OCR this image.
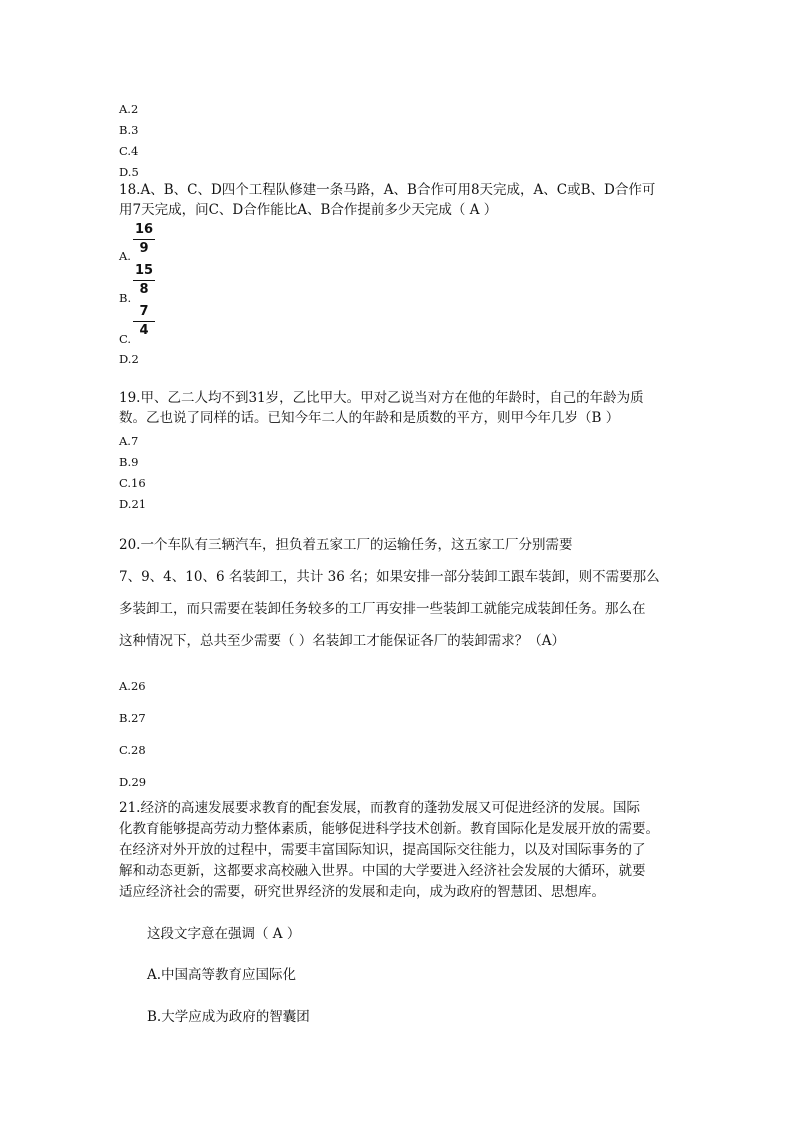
A.2
B.3
C.4
D.5
18.A、B、C、D四个工程队修建一条马路，A、B合作可用8天完成，A、C或B、D合作可
用7天完成，问C、D合作能比A、B合作提前多少天完成（ A ）
A.
16
9
B.
15
8
C.
7
4
D.2
19.甲、乙二人均不到31岁，乙比甲大。甲对乙说当对方在他的年龄时，自己的年龄为质
数。乙也说了同样的话。已知今年二人的年龄和是质数的平方，则甲今年几岁（B ）
A.7
B.9
C.16
D.21
20.一个车队有三辆汽车，担负着五家工厂的运输任务，这五家工厂分别需要
7、9、4、10、6 名装卸工，共计 36 名；如果安排一部分装卸工跟车装卸，则不需要那么
多装卸工，而只需要在装卸任务较多的工厂再安排一些装卸工就能完成装卸任务。那么在
这种情况下，总共至少需要（ ）名装卸工才能保证各厂的装卸需求？（A）
A.26
B.27
C.28
D.29
21.经济的高速发展要求教育的配套发展，而教育的蓬勃发展又可促进经济的发展。国际
化教育能够提高劳动力整体素质，能够促进科学技术创新。教育国际化是发展开放的需要。
在经济对外开放的过程中，需要丰富国际知识，提高国际交往能力，以及对国际事务的了
解和动态更新，这都要求高校融入世界。中国的大学要进入经济社会发展的大循环，就要
适应经济社会的需要，研究世界经济的发展和走向，成为政府的智慧团、思想库。
这段文字意在强调（ A ）
A.中国高等教育应国际化
B.大学应成为政府的智囊团
